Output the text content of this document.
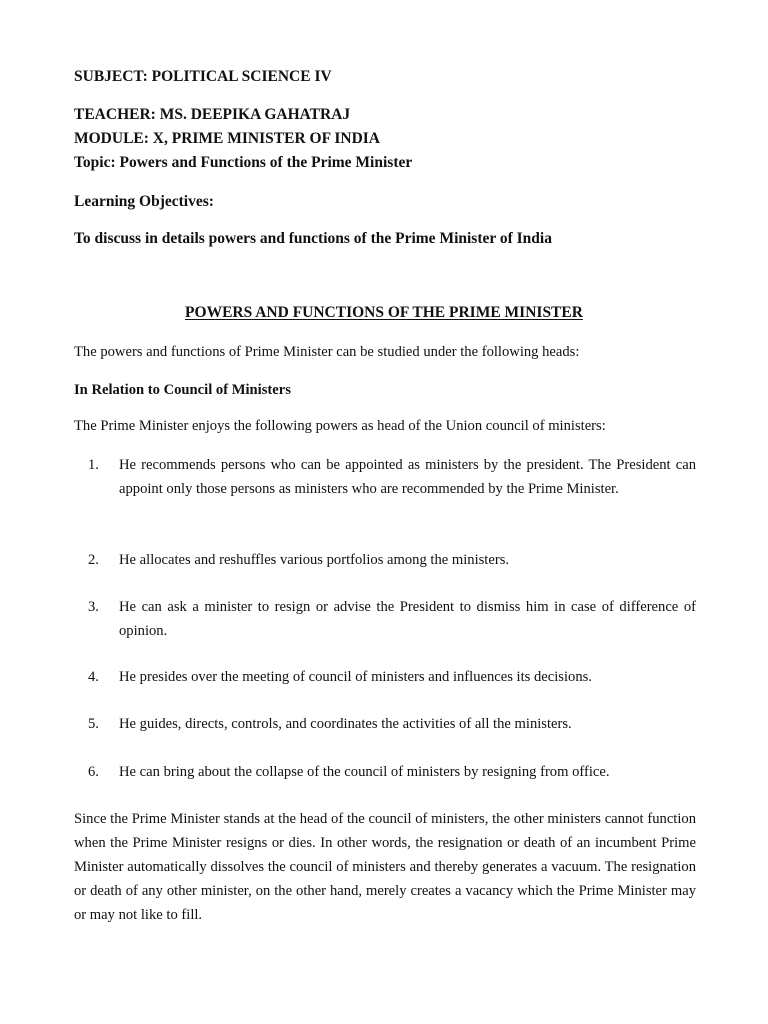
SUBJECT: POLITICAL SCIENCE IV
TEACHER: MS. DEEPIKA GAHATRAJ
MODULE: X, PRIME MINISTER OF INDIA
Topic: Powers and Functions of the Prime Minister
Learning Objectives:
To discuss in details powers and functions of the Prime Minister of India
POWERS AND FUNCTIONS OF THE PRIME MINISTER
The powers and functions of Prime Minister can be studied under the following heads:
In Relation to Council of Ministers
The Prime Minister enjoys the following powers as head of the Union council of ministers:
1.	He recommends persons who can be appointed as ministers by the president. The President can appoint only those persons as ministers who are recommended by the Prime Minister.
2.	He allocates and reshuffles various portfolios among the ministers.
3.	He can ask a minister to resign or advise the President to dismiss him in case of difference of opinion.
4.	He presides over the meeting of council of ministers and influences its decisions.
5.	He guides, directs, controls, and coordinates the activities of all the ministers.
6.	He can bring about the collapse of the council of ministers by resigning from office.

Since the Prime Minister stands at the head of the council of ministers, the other ministers cannot function when the Prime Minister resigns or dies. In other words, the resignation or death of an incumbent Prime Minister automatically dissolves the council of ministers and thereby generates a vacuum. The resignation or death of any other minister, on the other hand, merely creates a vacancy which the Prime Minister may or may not like to fill.
